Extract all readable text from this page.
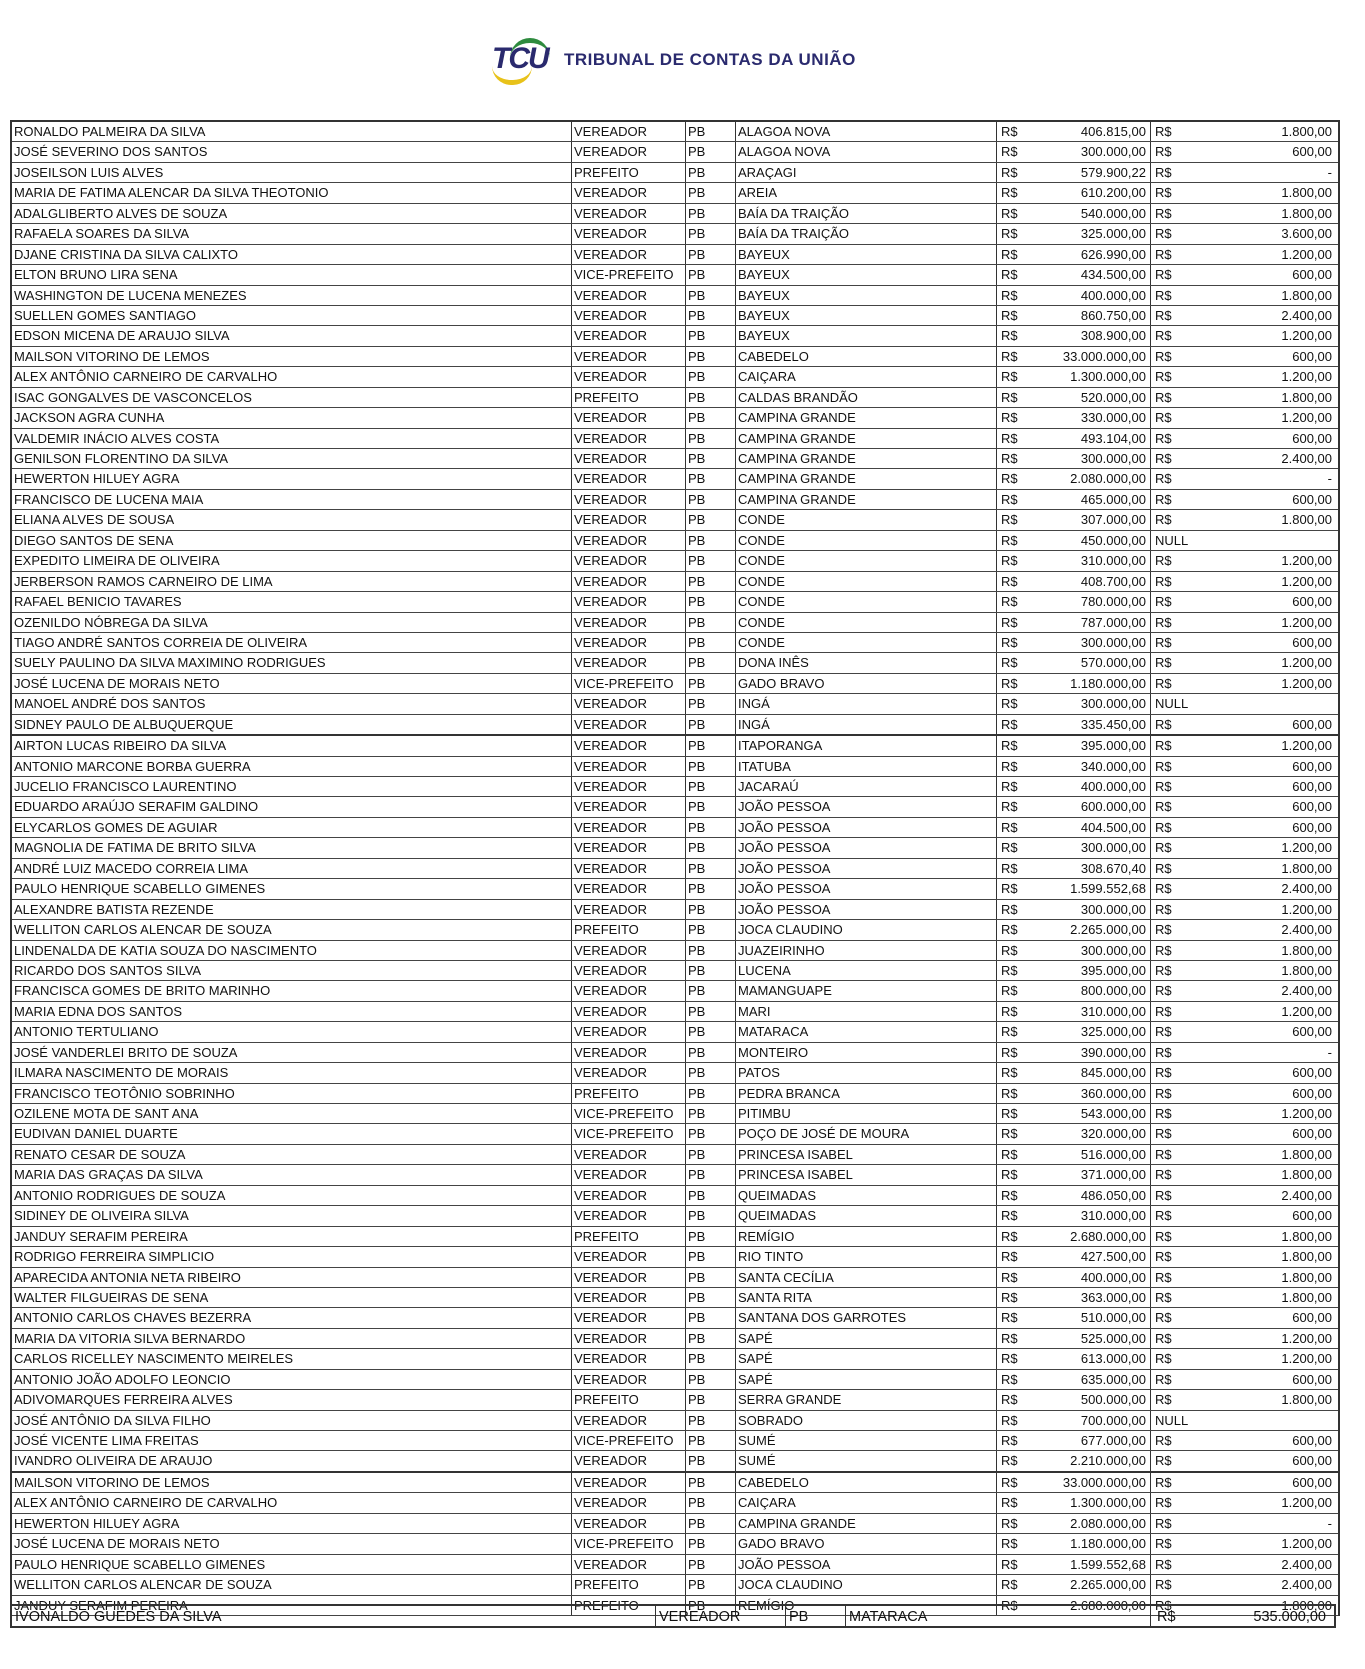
TCU TRIBUNAL DE CONTAS DA UNIÃO
RONALDO PALMEIRA DA SILVA	VEREADOR	PB	ALAGOA NOVA	R$	406.815,00 R$	1.800,00
JOSÉ SEVERINO DOS SANTOS	VEREADOR	PB	ALAGOA NOVA	R$	300.000,00 R$	600,00
JOSEILSON LUIS ALVES	PREFEITO	PB	ARAÇAGI	R$	579.900,22 R$	-
MARIA DE FATIMA ALENCAR DA SILVA THEOTONIO	VEREADOR	PB	AREIA	R$	610.200,00 R$	1.800,00
ADALGLIBERTO ALVES DE SOUZA	VEREADOR	PB	BAÍA DA TRAIÇÃO	R$	540.000,00 R$	1.800,00
RAFAELA SOARES DA SILVA	VEREADOR	PB	BAÍA DA TRAIÇÃO	R$	325.000,00 R$	3.600,00
DJANE CRISTINA DA SILVA CALIXTO	VEREADOR	PB	BAYEUX	R$	626.990,00 R$	1.200,00
ELTON BRUNO LIRA SENA	VICE-PREFEITO	PB	BAYEUX	R$	434.500,00 R$	600,00
WASHINGTON DE LUCENA MENEZES	VEREADOR	PB	BAYEUX	R$	400.000,00 R$	1.800,00
SUELLEN GOMES SANTIAGO	VEREADOR	PB	BAYEUX	R$	860.750,00 R$	2.400,00
EDSON MICENA DE ARAUJO SILVA	VEREADOR	PB	BAYEUX	R$	308.900,00 R$	1.200,00
MAILSON VITORINO DE LEMOS	VEREADOR	PB	CABEDELO	R$	33.000.000,00 R$	600,00
ALEX ANTÔNIO CARNEIRO DE CARVALHO	VEREADOR	PB	CAIÇARA	R$	1.300.000,00 R$	1.200,00
ISAC GONGALVES DE VASCONCELOS	PREFEITO	PB	CALDAS BRANDÃO	R$	520.000,00 R$	1.800,00
JACKSON AGRA CUNHA	VEREADOR	PB	CAMPINA GRANDE	R$	330.000,00 R$	1.200,00
VALDEMIR INÁCIO ALVES COSTA	VEREADOR	PB	CAMPINA GRANDE	R$	493.104,00 R$	600,00
GENILSON FLORENTINO DA SILVA	VEREADOR	PB	CAMPINA GRANDE	R$	300.000,00 R$	2.400,00
HEWERTON HILUEY AGRA	VEREADOR	PB	CAMPINA GRANDE	R$	2.080.000,00 R$	-
FRANCISCO DE LUCENA MAIA	VEREADOR	PB	CAMPINA GRANDE	R$	465.000,00 R$	600,00
ELIANA ALVES DE SOUSA	VEREADOR	PB	CONDE	R$	307.000,00 R$	1.800,00
DIEGO SANTOS DE SENA	VEREADOR	PB	CONDE	R$	450.000,00 NULL
EXPEDITO LIMEIRA DE OLIVEIRA	VEREADOR	PB	CONDE	R$	310.000,00 R$	1.200,00
JERBERSON RAMOS CARNEIRO DE LIMA	VEREADOR	PB	CONDE	R$	408.700,00 R$	1.200,00
RAFAEL BENICIO TAVARES	VEREADOR	PB	CONDE	R$	780.000,00 R$	600,00
OZENILDO NÓBREGA DA SILVA	VEREADOR	PB	CONDE	R$	787.000,00 R$	1.200,00
TIAGO ANDRÉ SANTOS CORREIA DE OLIVEIRA	VEREADOR	PB	CONDE	R$	300.000,00 R$	600,00
SUELY PAULINO DA SILVA MAXIMINO RODRIGUES	VEREADOR	PB	DONA INÊS	R$	570.000,00 R$	1.200,00
JOSÉ LUCENA DE MORAIS NETO	VICE-PREFEITO	PB	GADO BRAVO	R$	1.180.000,00 R$	1.200,00
MANOEL ANDRÉ DOS SANTOS	VEREADOR	PB	INGÁ	R$	300.000,00 NULL
SIDNEY PAULO DE ALBUQUERQUE	VEREADOR	PB	INGÁ	R$	335.450,00 R$	600,00
AIRTON LUCAS RIBEIRO DA SILVA	VEREADOR	PB	ITAPORANGA	R$	395.000,00 R$	1.200,00
ANTONIO MARCONE BORBA GUERRA	VEREADOR	PB	ITATUBA	R$	340.000,00 R$	600,00
JUCELIO FRANCISCO LAURENTINO	VEREADOR	PB	JACARAÚ	R$	400.000,00 R$	600,00
EDUARDO ARAÚJO SERAFIM GALDINO	VEREADOR	PB	JOÃO PESSOA	R$	600.000,00 R$	600,00
ELYCARLOS GOMES DE AGUIAR	VEREADOR	PB	JOÃO PESSOA	R$	404.500,00 R$	600,00
MAGNOLIA DE FATIMA DE BRITO SILVA	VEREADOR	PB	JOÃO PESSOA	R$	300.000,00 R$	1.200,00
ANDRÉ LUIZ MACEDO CORREIA LIMA	VEREADOR	PB	JOÃO PESSOA	R$	308.670,40 R$	1.800,00
PAULO HENRIQUE SCABELLO GIMENES	VEREADOR	PB	JOÃO PESSOA	R$	1.599.552,68 R$	2.400,00
ALEXANDRE BATISTA REZENDE	VEREADOR	PB	JOÃO PESSOA	R$	300.000,00 R$	1.200,00
WELLITON CARLOS ALENCAR DE SOUZA	PREFEITO	PB	JOCA CLAUDINO	R$	2.265.000,00 R$	2.400,00
LINDENALDA DE KATIA SOUZA DO NASCIMENTO	VEREADOR	PB	JUAZEIRINHO	R$	300.000,00 R$	1.800,00
RICARDO DOS SANTOS SILVA	VEREADOR	PB	LUCENA	R$	395.000,00 R$	1.800,00
FRANCISCA GOMES DE BRITO MARINHO	VEREADOR	PB	MAMANGUAPE	R$	800.000,00 R$	2.400,00
MARIA EDNA DOS SANTOS	VEREADOR	PB	MARI	R$	310.000,00 R$	1.200,00
ANTONIO TERTULIANO	VEREADOR	PB	MATARACA	R$	325.000,00 R$	600,00
JOSÉ VANDERLEI BRITO DE SOUZA	VEREADOR	PB	MONTEIRO	R$	390.000,00 R$	-
ILMARA NASCIMENTO DE MORAIS	VEREADOR	PB	PATOS	R$	845.000,00 R$	600,00
FRANCISCO TEOTÔNIO SOBRINHO	PREFEITO	PB	PEDRA BRANCA	R$	360.000,00 R$	600,00
OZILENE MOTA DE SANT ANA	VICE-PREFEITO	PB	PITIMBU	R$	543.000,00 R$	1.200,00
EUDIVAN DANIEL DUARTE	VICE-PREFEITO	PB	POÇO DE JOSÉ DE MOURA	R$	320.000,00 R$	600,00
RENATO CESAR DE SOUZA	VEREADOR	PB	PRINCESA ISABEL	R$	516.000,00 R$	1.800,00
MARIA DAS GRAÇAS DA SILVA	VEREADOR	PB	PRINCESA ISABEL	R$	371.000,00 R$	1.800,00
ANTONIO RODRIGUES DE SOUZA	VEREADOR	PB	QUEIMADAS	R$	486.050,00 R$	2.400,00
SIDINEY DE OLIVEIRA SILVA	VEREADOR	PB	QUEIMADAS	R$	310.000,00 R$	600,00
JANDUY SERAFIM PEREIRA	PREFEITO	PB	REMÍGIO	R$	2.680.000,00 R$	1.800,00
RODRIGO FERREIRA SIMPLICIO	VEREADOR	PB	RIO TINTO	R$	427.500,00 R$	1.800,00
APARECIDA ANTONIA NETA RIBEIRO	VEREADOR	PB	SANTA CECÍLIA	R$	400.000,00 R$	1.800,00
WALTER FILGUEIRAS DE SENA	VEREADOR	PB	SANTA RITA	R$	363.000,00 R$	1.800,00
ANTONIO CARLOS CHAVES BEZERRA	VEREADOR	PB	SANTANA DOS GARROTES	R$	510.000,00 R$	600,00
MARIA DA VITORIA SILVA BERNARDO	VEREADOR	PB	SAPÉ	R$	525.000,00 R$	1.200,00
CARLOS RICELLEY NASCIMENTO MEIRELES	VEREADOR	PB	SAPÉ	R$	613.000,00 R$	1.200,00
ANTONIO JOÃO ADOLFO LEONCIO	VEREADOR	PB	SAPÉ	R$	635.000,00 R$	600,00
ADIVOMARQUES FERREIRA ALVES	PREFEITO	PB	SERRA GRANDE	R$	500.000,00 R$	1.800,00
JOSÉ ANTÔNIO DA SILVA FILHO	VEREADOR	PB	SOBRADO	R$	700.000,00 NULL
JOSÉ VICENTE LIMA FREITAS	VICE-PREFEITO	PB	SUMÉ	R$	677.000,00 R$	600,00
IVANDRO OLIVEIRA DE ARAUJO	VEREADOR	PB	SUMÉ	R$	2.210.000,00 R$	600,00
MAILSON VITORINO DE LEMOS	VEREADOR	PB	CABEDELO	R$	33.000.000,00 R$	600,00
ALEX ANTÔNIO CARNEIRO DE CARVALHO	VEREADOR	PB	CAIÇARA	R$	1.300.000,00 R$	1.200,00
HEWERTON HILUEY AGRA	VEREADOR	PB	CAMPINA GRANDE	R$	2.080.000,00 R$	-
JOSÉ LUCENA DE MORAIS NETO	VICE-PREFEITO	PB	GADO BRAVO	R$	1.180.000,00 R$	1.200,00
PAULO HENRIQUE SCABELLO GIMENES	VEREADOR	PB	JOÃO PESSOA	R$	1.599.552,68 R$	2.400,00
WELLITON CARLOS ALENCAR DE SOUZA	PREFEITO	PB	JOCA CLAUDINO	R$	2.265.000,00 R$	2.400,00
JANDUY SERAFIM PEREIRA	PREFEITO	PB	REMÍGIO	R$	2.680.000,00 R$	1.800,00
IVONALDO GUEDES DA SILVA	VEREADOR	PB	MATARACA	R$	535.000,00
